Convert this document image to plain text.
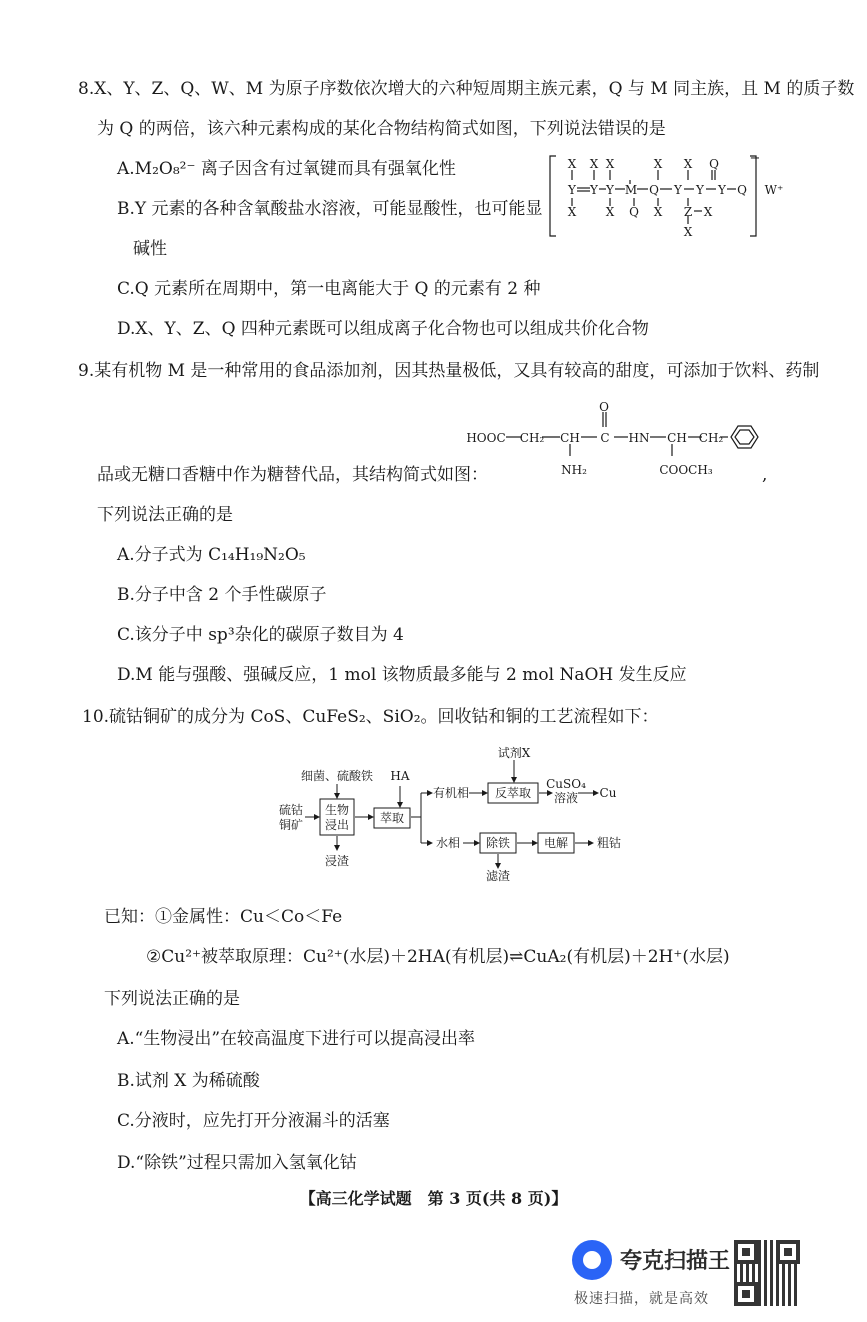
8.X、Y、Z、Q、W、M 为原子序数依次增大的六种短周期主族元素，Q 与 M 同主族，且 M 的质子数
为 Q 的两倍，该六种元素构成的某化合物结构简式如图，下列说法错误的是
A.M₂O₈²⁻ 离子因含有过氧键而具有强氧化性
B.Y 元素的各种含氧酸盐水溶液，可能显酸性，也可能显
碱性
C.Q 元素所在周期中，第一电离能大于 Q 的元素有 2 种
D.X、Y、Z、Q 四种元素既可以组成离子化合物也可以组成共价化合物
X X X	X X Q
Y Y Y M Q Y Y Y Q
X X Q X Z X
X
−
W⁺
9.某有机物 M 是一种常用的食品添加剂，因其热量极低，又具有较高的甜度，可添加于饮料、药制
品或无糖口香糖中作为糖替代品，其结构简式如图：	,
下列说法正确的是
A.分子式为 C₁₄H₁₉N₂O₅
B.分子中含 2 个手性碳原子
C.该分子中 sp³杂化的碳原子数目为 4
D.M 能与强酸、强碱反应，1 mol 该物质最多能与 2 mol NaOH 发生反应
O
HOOC CH₂ CH C HN CH CH₂
NH₂	COOCH₃
10.硫钴铜矿的成分为 CoS、CuFeS₂、SiO₂。回收钴和铜的工艺流程如下：
细菌、硫酸铁 HA
试剂X
硫钴
铜矿
生物
浸出
浸渣
萃取
有机相
水相
反萃取
CuSO₄
溶液 Cu
除铁
滤渣
电解 粗钴
已知：①金属性：Cu＜Co＜Fe
②Cu²⁺被萃取原理：Cu²⁺(水层)＋2HA(有机层)⇌CuA₂(有机层)＋2H⁺(水层)
下列说法正确的是
A.“生物浸出”在较高温度下进行可以提高浸出率
B.试剂 X 为稀硫酸
C.分液时，应先打开分液漏斗的活塞
D.“除铁”过程只需加入氢氧化钴
【高三化学试题　第 3 页(共 8 页)】
夸克扫描王
极速扫描，就是高效
